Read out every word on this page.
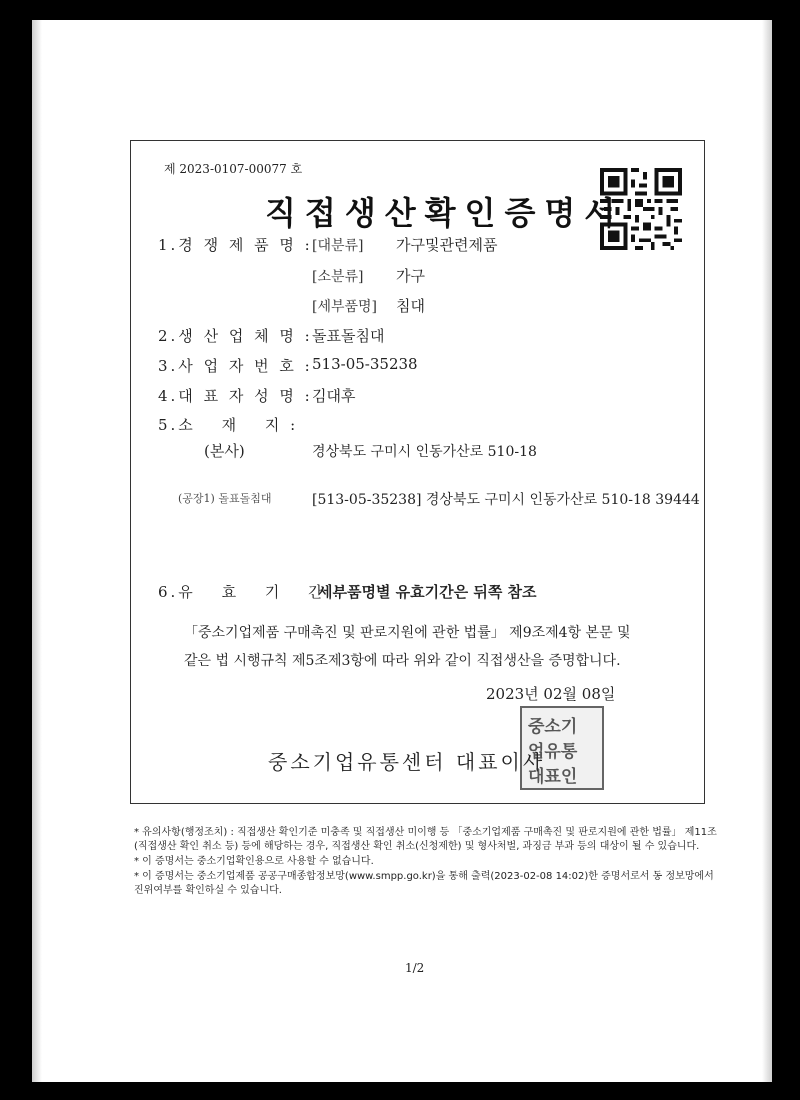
제 2023-0107-00077 호
직접생산확인증명서
1.경 쟁 제 품 명 : [대분류] 가구및관련제품
[소분류] 가구
[세부품명] 침대
2.생 산 업 체 명 : 돌표돌침대
3.사 업 자 번 호 : 513-05-35238
4.대 표 자 성 명 : 김대후
5.소 　재 　지 :
(본사)	경상북도 구미시 인동가산로 510-18
(공장1) 돌표돌침대	[513-05-35238] 경상북도 구미시 인동가산로 510-18 39444
6.유 　효 　기 　간 :
세부품명별 유효기간은 뒤쪽 참조
「중소기업제품 구매촉진 및 판로지원에 관한 법률」 제9조제4항 본문 및
같은 법 시행규칙 제5조제3항에 따라 위와 같이 직접생산을 증명합니다.
2023년 02월 08일
중소기
업유통
대표인
중소기업유통센터 대표이사
* 유의사항(행정조치) : 직접생산 확인기준 미충족 및 직접생산 미이행 등 「중소기업제품 구매촉진 및 판로지원에 관한 법률」 제11조(직접생산 확인 취소 등) 등에 해당하는 경우, 직접생산 확인 취소(신청제한) 및 형사처벌, 과징금 부과 등의 대상이 될 수 있습니다.
* 이 증명서는 중소기업확인용으로 사용할 수 없습니다.
* 이 증명서는 중소기업제품 공공구매종합정보망(www.smpp.go.kr)을 통해 출력(2023-02-08 14:02)한 증명서로서 동 정보망에서 진위여부를 확인하실 수 있습니다.
1/2
